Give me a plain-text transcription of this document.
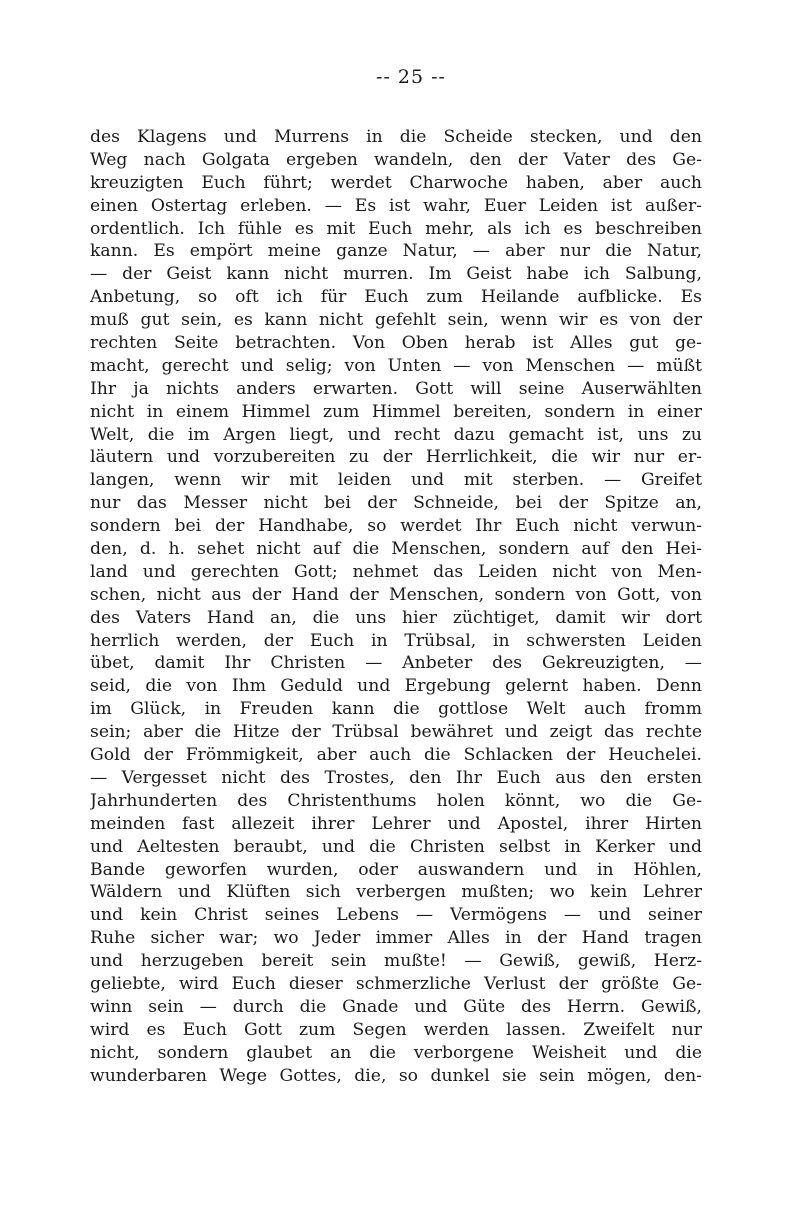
-- 25 --
des Klagens und Murrens in die Scheide stecken, und den
Weg nach Golgata ergeben wandeln, den der Vater des Ge-
kreuzigten Euch führt; werdet Charwoche haben, aber auch
einen Ostertag erleben. — Es ist wahr, Euer Leiden ist außer-
ordentlich. Ich fühle es mit Euch mehr, als ich es beschreiben
kann. Es empört meine ganze Natur, — aber nur die Natur,
— der Geist kann nicht murren. Im Geist habe ich Salbung,
Anbetung, so oft ich für Euch zum Heilande aufblicke. Es
muß gut sein, es kann nicht gefehlt sein, wenn wir es von der
rechten Seite betrachten. Von Oben herab ist Alles gut ge-
macht, gerecht und selig; von Unten — von Menschen — müßt
Ihr ja nichts anders erwarten. Gott will seine Auserwählten
nicht in einem Himmel zum Himmel bereiten, sondern in einer
Welt, die im Argen liegt, und recht dazu gemacht ist, uns zu
läutern und vorzubereiten zu der Herrlichkeit, die wir nur er-
langen, wenn wir mit leiden und mit sterben. — Greifet
nur das Messer nicht bei der Schneide, bei der Spitze an,
sondern bei der Handhabe, so werdet Ihr Euch nicht verwun-
den, d. h. sehet nicht auf die Menschen, sondern auf den Hei-
land und gerechten Gott; nehmet das Leiden nicht von Men-
schen, nicht aus der Hand der Menschen, sondern von Gott, von
des Vaters Hand an, die uns hier züchtiget, damit wir dort
herrlich werden, der Euch in Trübsal, in schwersten Leiden
übet, damit Ihr Christen — Anbeter des Gekreuzigten, —
seid, die von Ihm Geduld und Ergebung gelernt haben. Denn
im Glück, in Freuden kann die gottlose Welt auch fromm
sein; aber die Hitze der Trübsal bewähret und zeigt das rechte
Gold der Frömmigkeit, aber auch die Schlacken der Heuchelei.
— Vergesset nicht des Trostes, den Ihr Euch aus den ersten
Jahrhunderten des Christenthums holen könnt, wo die Ge-
meinden fast allezeit ihrer Lehrer und Apostel, ihrer Hirten
und Aeltesten beraubt, und die Christen selbst in Kerker und
Bande geworfen wurden, oder auswandern und in Höhlen,
Wäldern und Klüften sich verbergen mußten; wo kein Lehrer
und kein Christ seines Lebens — Vermögens — und seiner
Ruhe sicher war; wo Jeder immer Alles in der Hand tragen
und herzugeben bereit sein mußte! — Gewiß, gewiß, Herz-
geliebte, wird Euch dieser schmerzliche Verlust der größte Ge-
winn sein — durch die Gnade und Güte des Herrn. Gewiß,
wird es Euch Gott zum Segen werden lassen. Zweifelt nur
nicht, sondern glaubet an die verborgene Weisheit und die
wunderbaren Wege Gottes, die, so dunkel sie sein mögen, den-
